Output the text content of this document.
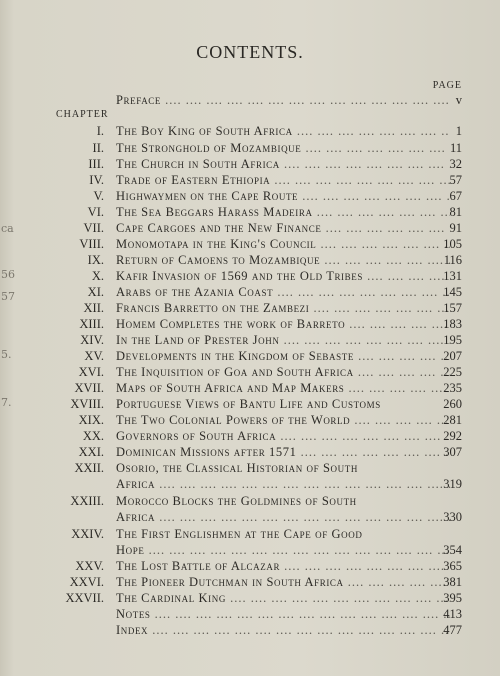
ca
56
57
5.
7.
CONTENTS.
PAGE
CHAPTER
Preface ....	v
I. The Boy King of South Africa ....	1
II. The Stronghold of Mozambique ....	11
III. The Church in South Africa ....	32
IV. Trade of Eastern Ethiopia ....	57
V. Highwaymen on the Cape Route ....	67
VI. The Sea Beggars Harass Madeira ....	81
VII. Cape Cargoes and the New Finance ....	91
VIII. Monomotapa in the King's Council ....	105
IX. Return of Camoens to Mozambique ....	116
X. Kafir Invasion of 1569 and the Old Tribes ....	131
XI. Arabs of the Azania Coast ....	145
XII. Francis Barretto on the Zambezi ....	157
XIII. Homem Completes the work of Barreto ....	183
XIV. In the Land of Prester John ....	195
XV. Developments in the Kingdom of Sebaste ....	207
XVI. The Inquisition of Goa and South Africa ....	225
XVII. Maps of South Africa and Map Makers ....	235
XVIII. Portuguese Views of Bantu Life and Customs	260
XIX. The Two Colonial Powers of the World ....	281
XX. Governors of South Africa ....	292
XXI. Dominican Missions after 1571 ....	307
XXII. Osorio, the Classical Historian of South
Africa ....	319
XXIII. Morocco Blocks the Goldmines of South
Africa ....	330
XXIV. The First Englishmen at the Cape of Good
Hope ....	354
XXV. The Lost Battle of Alcazar ....	365
XXVI. The Pioneer Dutchman in South Africa ....	381
XXVII. The Cardinal King ....	395
Notes ....	413
Index ....	477
